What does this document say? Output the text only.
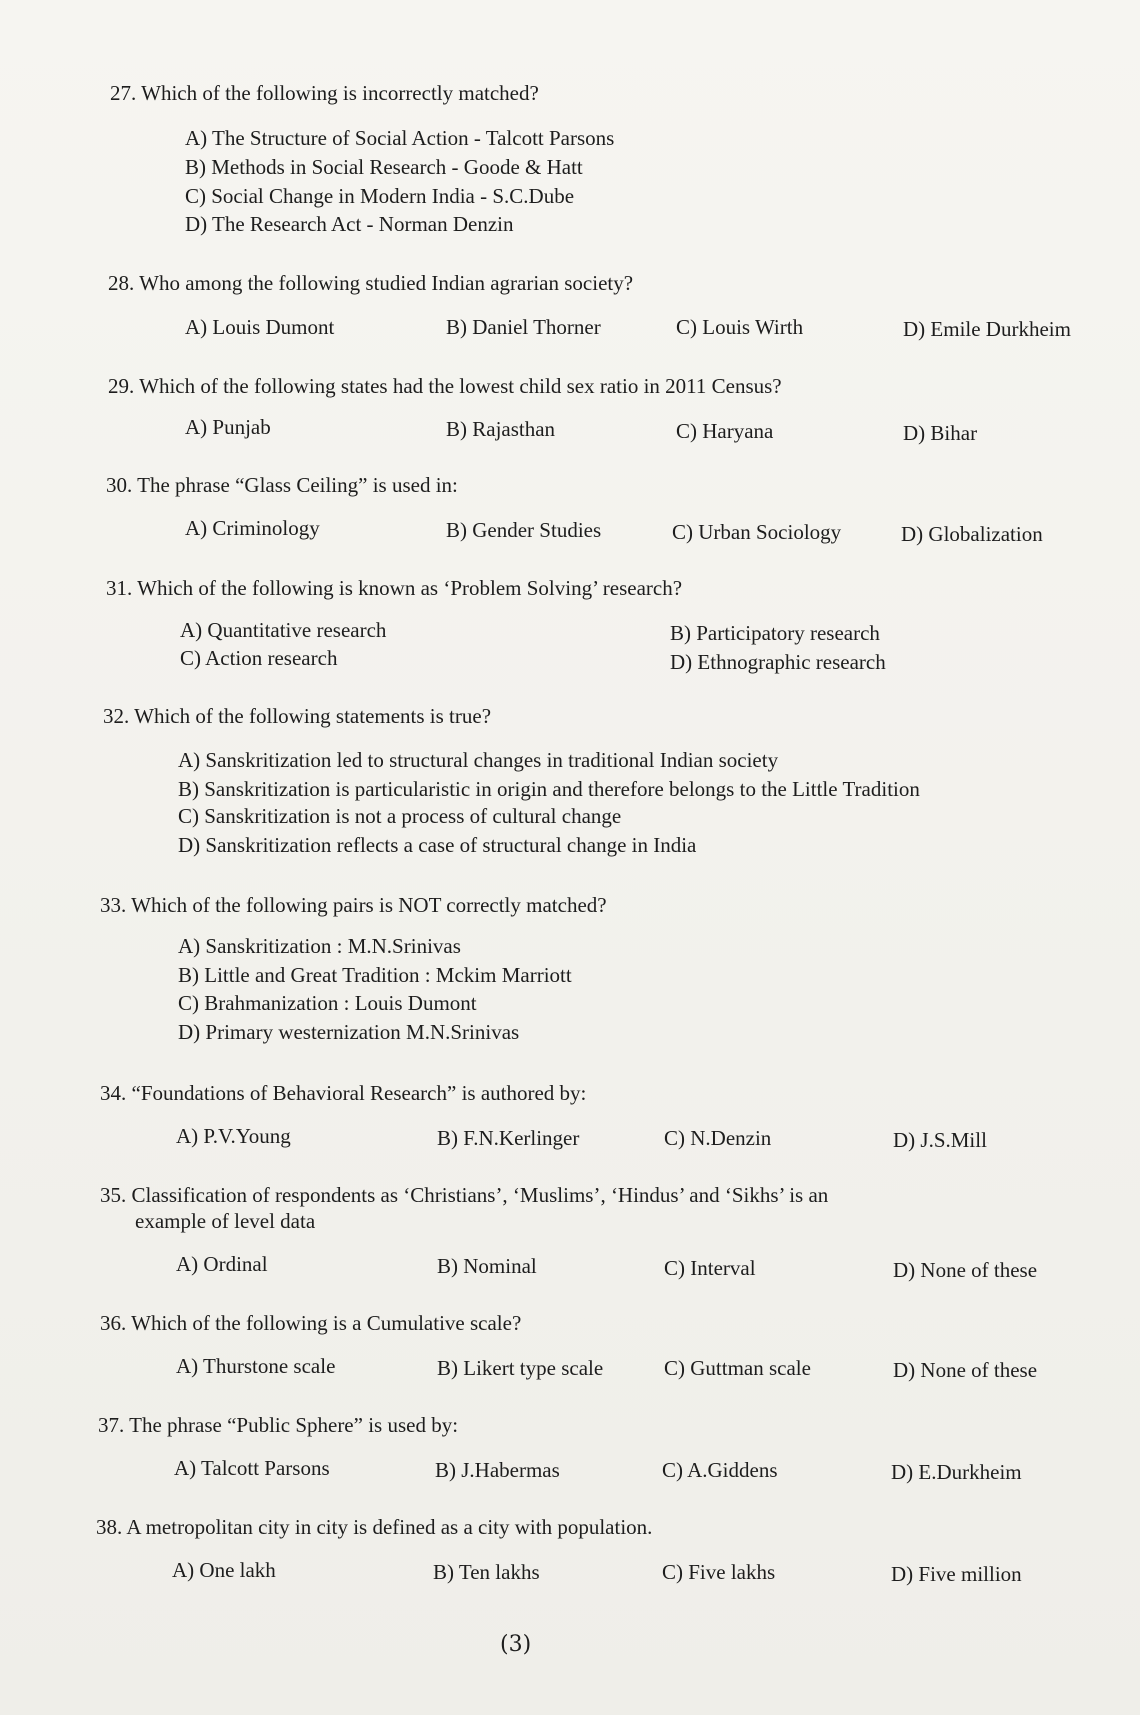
27. Which of the following is incorrectly matched?
A) The Structure of Social Action - Talcott Parsons
B) Methods in Social Research - Goode & Hatt
C) Social Change in Modern India - S.C.Dube
D) The Research Act - Norman Denzin
28. Who among the following studied Indian agrarian society?
A) Louis Dumont	B) Daniel Thorner	C) Louis Wirth	D) Emile Durkheim
29. Which of the following states had the lowest child sex ratio in 2011 Census?
A) Punjab	B) Rajasthan	C) Haryana	D) Bihar
30. The phrase “Glass Ceiling” is used in:
A) Criminology	B) Gender Studies	C) Urban Sociology	D) Globalization
31. Which of the following is known as ‘Problem Solving’ research?
A) Quantitative research	B) Participatory research
C) Action research	D) Ethnographic research
32. Which of the following statements is true?
A) Sanskritization led to structural changes in traditional Indian society
B) Sanskritization is particularistic in origin and therefore belongs to the Little Tradition
C) Sanskritization is not a process of cultural change
D) Sanskritization reflects a case of structural change in India
33. Which of the following pairs is NOT correctly matched?
A) Sanskritization : M.N.Srinivas
B) Little and Great Tradition : Mckim Marriott
C) Brahmanization : Louis Dumont
D) Primary westernization M.N.Srinivas
34. “Foundations of Behavioral Research” is authored by:
A) P.V.Young	B) F.N.Kerlinger	C) N.Denzin	D) J.S.Mill
35. Classification of respondents as ‘Christians’, ‘Muslims’, ‘Hindus’ and ‘Sikhs’ is an
example of level data
A) Ordinal	B) Nominal	C) Interval	D) None of these
36. Which of the following is a Cumulative scale?
A) Thurstone scale	B) Likert type scale	C) Guttman scale	D) None of these
37. The phrase “Public Sphere” is used by:
A) Talcott Parsons	B) J.Habermas	C) A.Giddens	D) E.Durkheim
38. A metropolitan city in city is defined as a city with population.
A) One lakh	B) Ten lakhs	C) Five lakhs	D) Five million
(3)
